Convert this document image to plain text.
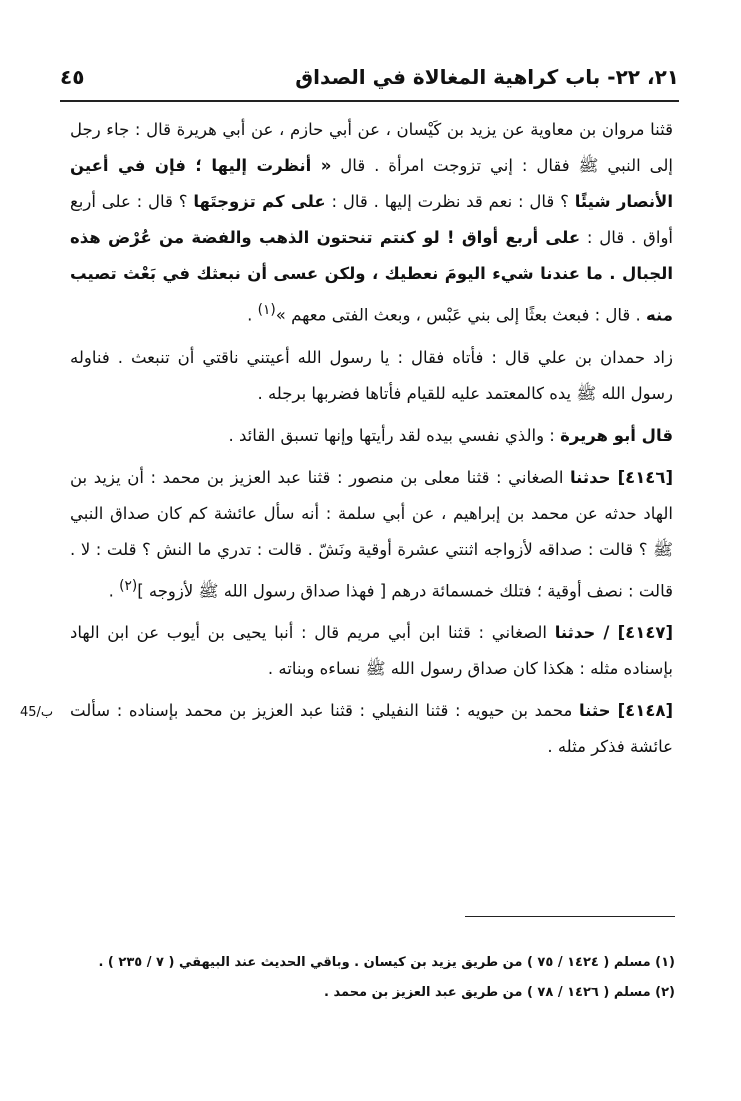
٢١، ٢٢- باب كراهية المغالاة في الصداق
٤٥
45/ب

قثنا مروان بن معاوية عن يزيد بن كَيْسان ، عن أبي حازم ، عن أبي هريرة قال : جاء رجل إلى النبي ﷺ فقال : إني تزوجت امرأة . قال « أنظرت إليها ؛ فإن في أعين الأنصار شيئًا ؟ قال : نعم قد نظرت إليها . قال : على كم تزوجتَها ؟ قال : على أربع أواق . قال : على أربع أواق ! لو كنتم تنحتون الذهب والفضة من عُرْض هذه الجبال . ما عندنا شيء اليومَ نعطيك ، ولكن عسى أن نبعثك في بَعْث تصيب منه . قال : فبعث بعثًا إلى بني عَبْس ، وبعث الفتى معهم »$^{(١)}$ .

زاد حمدان بن علي قال : فأتاه فقال : يا رسول الله أعيتني ناقتي أن تنبعث . فناوله رسول الله ﷺ يده كالمعتمد عليه للقيام فأتاها فضربها برجله .

قال أبو هريرة : والذي نفسي بيده لقد رأيتها وإنها تسبق القائد .

[٤١٤٦] حدثنا الصغاني : قثنا معلى بن منصور : قثنا عبد العزيز بن محمد : أن يزيد بن الهاد حدثه عن محمد بن إبراهيم ، عن أبي سلمة : أنه سأل عائشة كم كان صداق النبي ﷺ ؟ قالت : صداقه لأزواجه اثنتي عشرة أوقية ونَشّ . قالت : تدري ما النش ؟ قلت : لا . قالت : نصف أوقية ؛ فتلك خمسمائة درهم [ فهذا صداق رسول الله ﷺ لأزوجه ]$^{(٢)}$ .

[٤١٤٧] / حدثنا الصغاني : قثنا ابن أبي مريم قال : أنبا يحيى بن أيوب عن ابن الهاد بإسناده مثله : هكذا كان صداق رسول الله ﷺ نساءه وبناته .

[٤١٤٨] حثنا محمد بن حيويه : قثنا النفيلي : قثنا عبد العزيز بن محمد بإسناده : سألت عائشة فذكر مثله .

(١) مسلم ( ١٤٢٤ / ٧٥ ) من طريق يزيد بن كيسان . وباقي الحديث عند البيهقي ( ٧ / ٢٣٥ ) .

(٢) مسلم ( ١٤٢٦ / ٧٨ ) من طريق عبد العزيز بن محمد .
